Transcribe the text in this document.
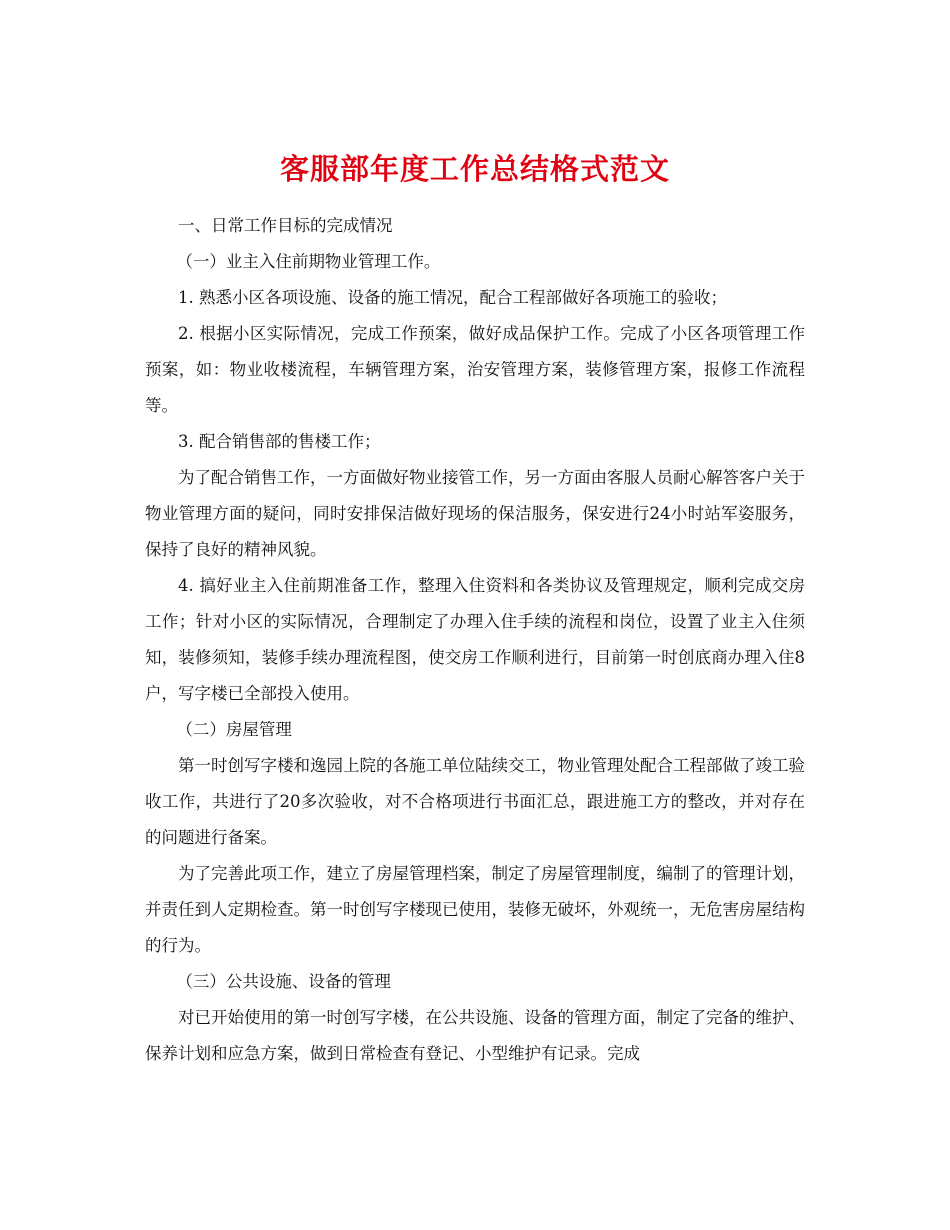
客服部年度工作总结格式范文

一、日常工作目标的完成情况

（一）业主入住前期物业管理工作。

1. 熟悉小区各项设施、设备的施工情况，配合工程部做好各项施工的验收；

2. 根据小区实际情况，完成工作预案，做好成品保护工作。完成了小区各项管理工作预案，如：物业收楼流程，车辆管理方案，治安管理方案，装修管理方案，报修工作流程等。

3. 配合销售部的售楼工作；

为了配合销售工作，一方面做好物业接管工作，另一方面由客服人员耐心解答客户关于物业管理方面的疑问，同时安排保洁做好现场的保洁服务，保安进行24小时站军姿服务，保持了良好的精神风貌。

4. 搞好业主入住前期准备工作，整理入住资料和各类协议及管理规定，顺利完成交房工作；针对小区的实际情况，合理制定了办理入住手续的流程和岗位，设置了业主入住须知，装修须知，装修手续办理流程图，使交房工作顺利进行，目前第一时创底商办理入住8户，写字楼已全部投入使用。

（二）房屋管理

第一时创写字楼和逸园上院的各施工单位陆续交工，物业管理处配合工程部做了竣工验收工作，共进行了20多次验收，对不合格项进行书面汇总，跟进施工方的整改，并对存在的问题进行备案。

为了完善此项工作，建立了房屋管理档案，制定了房屋管理制度，编制了的管理计划，并责任到人定期检查。第一时创写字楼现已使用，装修无破坏，外观统一，无危害房屋结构的行为。

（三）公共设施、设备的管理

对已开始使用的第一时创写字楼，在公共设施、设备的管理方面，制定了完备的维护、保养计划和应急方案，做到日常检查有登记、小型维护有记录。完成
